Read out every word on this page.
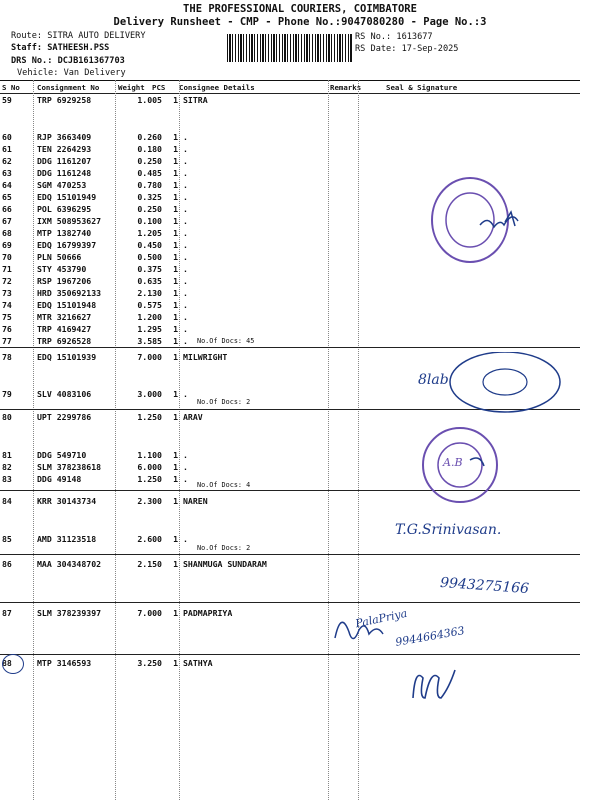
THE PROFESSIONAL COURIERS, COIMBATORE
Delivery Runsheet - CMP - Phone No.:9047080280 - Page No.:3
Route: SITRA AUTO DELIVERY
Staff: SATHEESH.PSS
DRS No.: DCJB161367703
Vehicle: Van Delivery
RS No.: 1613677
RS Date: 17-Sep-2025
S No Consignment No	Weight PCS Consignee Details	Remarks	Seal & Signature
59	TRP 6929258	1.005	1 SITRA
60	RJP 3663409	0.260	1 .
61	TEN 2264293	0.180	1 .
62	DDG 1161207	0.250	1 .
63	DDG 1161248	0.485	1 .
64	SGM 470253	0.780	1 .
65	EDQ 15101949	0.325	1 .
66	POL 6396295	0.250	1 .
67	IXM 508953627	0.100	1 .
68	MTP 1382740	1.205	1 .
69	EDQ 16799397	0.450	1 .
70	PLN 50666	0.500	1 .
71	STY 453790	0.375	1 .
72	RSP 1967206	0.635	1 .
73	HRD 350692133	2.130	1 .
74	EDQ 15101948	0.575	1 .
75	MTR 3216627	1.200	1 .
76	TRP 4169427	1.295	1 .
77	TRP 6926528	3.585	1 .
78	EDQ 15101939	7.000	1 MILWRIGHT
79	SLV 4083106	3.000	1 .
80	UPT 2299786	1.250	1 ARAV
81	DDG 549710	1.100	1 .
82	SLM 378238618	6.000	1 .
83	DDG 49148	1.250	1 .
84	KRR 30143734	2.300	1 NAREN
85	AMD 31123518	2.600	1 .
86	MAA 304348702	2.150	1 SHANMUGA SUNDARAM
87	SLM 378239397	7.000	1 PADMAPRIYA
88	MTP 3146593	3.250	1 SATHYA
No.Of Docs: 45
No.Of Docs: 2
No.Of Docs: 4
No.Of Docs: 2
8lab
A.B
T.G.Srinivasan.
9943275166
PalaPriya
9944664363
